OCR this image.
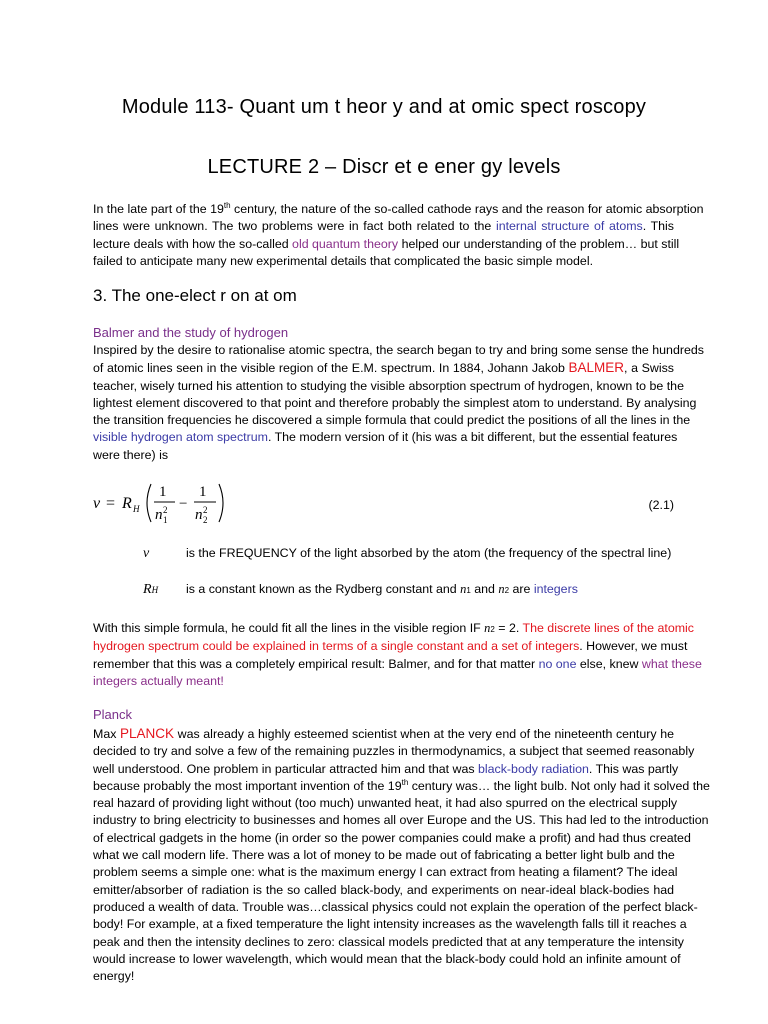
Module 113- Quant um t heor y and at omic spect roscopy
LECTURE 2 – Discr et e ener gy levels
In the late part of the 19th century, the nature of the so-called cathode rays and the reason for atomic absorption
lines were unknown. The two problems were in fact both related to the internal structure of atoms. This
lecture deals with how the so-called old quantum theory helped our understanding of the problem… but still
failed to anticipate many new experimental details that complicated the basic simple model.
3. The one-elect r on at om
Balmer and the study of hydrogen
Inspired by the desire to rationalise atomic spectra, the search began to try and bring some sense the hundreds
of atomic lines seen in the visible region of the E.M. spectrum. In 1884, Johann Jakob BALMER, a Swiss
teacher, wisely turned his attention to studying the visible absorption spectrum of hydrogen, known to be the
lightest element discovered to that point and therefore probably the simplest atom to understand. By analysing
the transition frequencies he discovered a simple formula that could predict the positions of all the lines in the
visible hydrogen atom spectrum. The modern version of it (his was a bit different, but the essential features
were there) is
ν = R H
1
n 2
1
−
1
n 2
2
(2.1)
ν	is the FREQUENCY of the light absorbed by the atom (the frequency of the spectral line)
RH is a constant known as the Rydberg constant and n1 and n2 are integers
With this simple formula, he could fit all the lines in the visible region IF n2 = 2. The discrete lines of the atomic
hydrogen spectrum could be explained in terms of a single constant and a set of integers. However, we must
remember that this was a completely empirical result: Balmer, and for that matter no one else, knew what these
integers actually meant!
Planck
Max PLANCK was already a highly esteemed scientist when at the very end of the nineteenth century he
decided to try and solve a few of the remaining puzzles in thermodynamics, a subject that seemed reasonably
well understood. One problem in particular attracted him and that was black-body radiation. This was partly
because probably the most important invention of the 19th century was… the light bulb. Not only had it solved the
real hazard of providing light without (too much) unwanted heat, it had also spurred on the electrical supply
industry to bring electricity to businesses and homes all over Europe and the US. This had led to the introduction
of electrical gadgets in the home (in order so the power companies could make a profit) and had thus created
what we call modern life. There was a lot of money to be made out of fabricating a better light bulb and the
problem seems a simple one: what is the maximum energy I can extract from heating a filament? The ideal
emitter/absorber of radiation is the so called black-body, and experiments on near-ideal black-bodies had
produced a wealth of data. Trouble was…classical physics could not explain the operation of the perfect black-
body! For example, at a fixed temperature the light intensity increases as the wavelength falls till it reaches a
peak and then the intensity declines to zero: classical models predicted that at any temperature the intensity
would increase to lower wavelength, which would mean that the black-body could hold an infinite amount of
energy!
